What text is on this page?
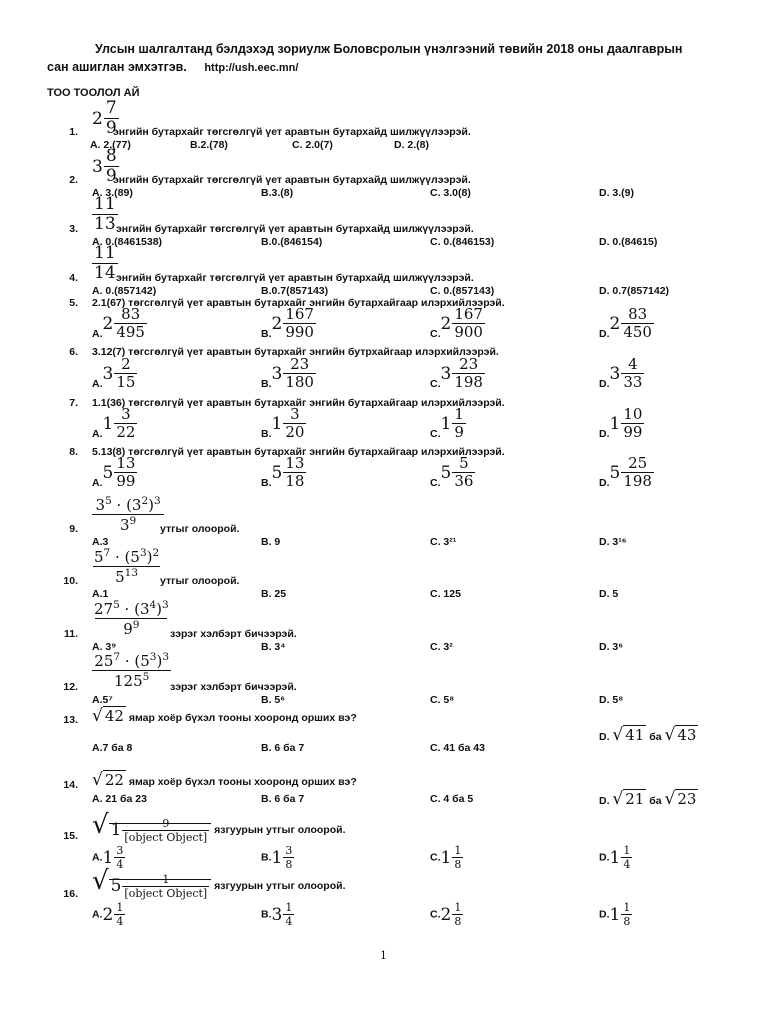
Улсын шалгалтанд бэлдэхэд зориулж Боловсролын үнэлгээний төвийн 2018 оны даалгаврын
сан ашиглан эмхэтгэв. http://ush.eec.mn/
ТОО ТООЛОЛ АЙ
$2 \frac{7}{9}$
1.	энгийн бутархайг төгсгөлгүй үет аравтын бутархайд шилжүүлээрэй.
A. 2.(77)	B.2.(78)	C. 2.0(7)	D. 2.(8)
$3 \frac{8}{9}$
2.	энгийн бутархайг төгсгөлгүй үет аравтын бутархайд шилжүүлээрэй.
A. 3.(89)	B.3.(8)	C. 3.0(8)	D. 3.(9)
$\frac{11}{13}$
3.	энгийн бутархайг төгсгөлгүй үет аравтын бутархайд шилжүүлээрэй.
A. 0.(8461538)	B.0.(846154)	C. 0.(846153)	D. 0.(84615)
$\frac{11}{14}$
4.	энгийн бутархайг төгсгөлгүй үет аравтын бутархайд шилжүүлээрэй.
A. 0.(857142)	B.0.7(857143)	C. 0.(857143)	D. 0.7(857142)
5. 2.1(67) төгсгөлгүй үет аравтын бутархайг энгийн бутархайгаар илэрхийлээрэй.
$A.2 \frac{83}{495}$	$B.2 \frac{167}{990}$	$C.2 \frac{167}{900}$	$D.2 \frac{83}{450}$
6. 3.12(7) төгсгөлгүй үет аравтын бутархайг энгийн бутрхайгаар илэрхийлээрэй.
$A.3 \frac{2}{15}$	$B.3 \frac{23}{180}$	$C.3 \frac{23}{198}$	$D.3 \frac{4}{33}$
7. 1.1(36) төгсгөлгүй үет аравтын бутархайг энгийн бутархайгаар илэрхийлээрэй.
$A.1 \frac{3}{22}$	$B.1 \frac{3}{20}$	$C.1 \frac{1}{9}$	$D.1 \frac{10}{99}$
8. 5.13(8) төгсгөлгүй үет аравтын бутархайг энгийн бутархайгаар илэрхийлээрэй.
$A.5 \frac{13}{99}$	$B.5 \frac{13}{18}$	$C.5 \frac{5}{36}$	$D.5 \frac{25}{198}$
$\frac{3^5 \cdot (3^2)^3}{3^9}$
9.	утгыг олоорой.
A.3	B. 9	C. 3²¹	D. 3¹⁶
$\frac{5^7 \cdot (5^3)^2}{5^{13}}$
10.	утгыг олоорой.
A.1	B. 25	C. 125	D. 5
$\frac{27^5 \cdot (3^4)^3}{9^9}$
11.	зэрэг хэлбэрт бичээрэй.
A. 3⁹	B. 3⁴	C. 3²	D. 3⁶
$\frac{25^7 \cdot (5^3)^3}{125^5}$
12.	зэрэг хэлбэрт бичээрэй.
A.5⁷	B. 5⁶	C. 5⁸	D. 5⁸
13. √ 42 ямар хоёр бүхэл тооны хооронд орших вэ?
A.7 ба 8	B. 6 ба 7	C. 41 ба 43
D. √ 41 ба √ 43
14. √ 22 ямар хоёр бүхэл тооны хооронд орших вэ?
A. 21 ба 23	B. 6 ба 7	C. 4 ба 5	D. √ 21 ба √ 23
15. √ $1 \frac{9}{\text{[object Object]}}$ язгуурын утгыг олоорой.
$A.1 \frac{3}{4}$	$B.1 \frac{3}{8}$	$C.1 \frac{1}{8}$	$D.1 \frac{1}{4}$
16. √ $5 \frac{1}{\text{[object Object]}}$ язгуурын утгыг олоорой.
$A.2 \frac{1}{4}$	$B.3 \frac{1}{4}$	$C.2 \frac{1}{8}$	$D.1 \frac{1}{8}$
1
